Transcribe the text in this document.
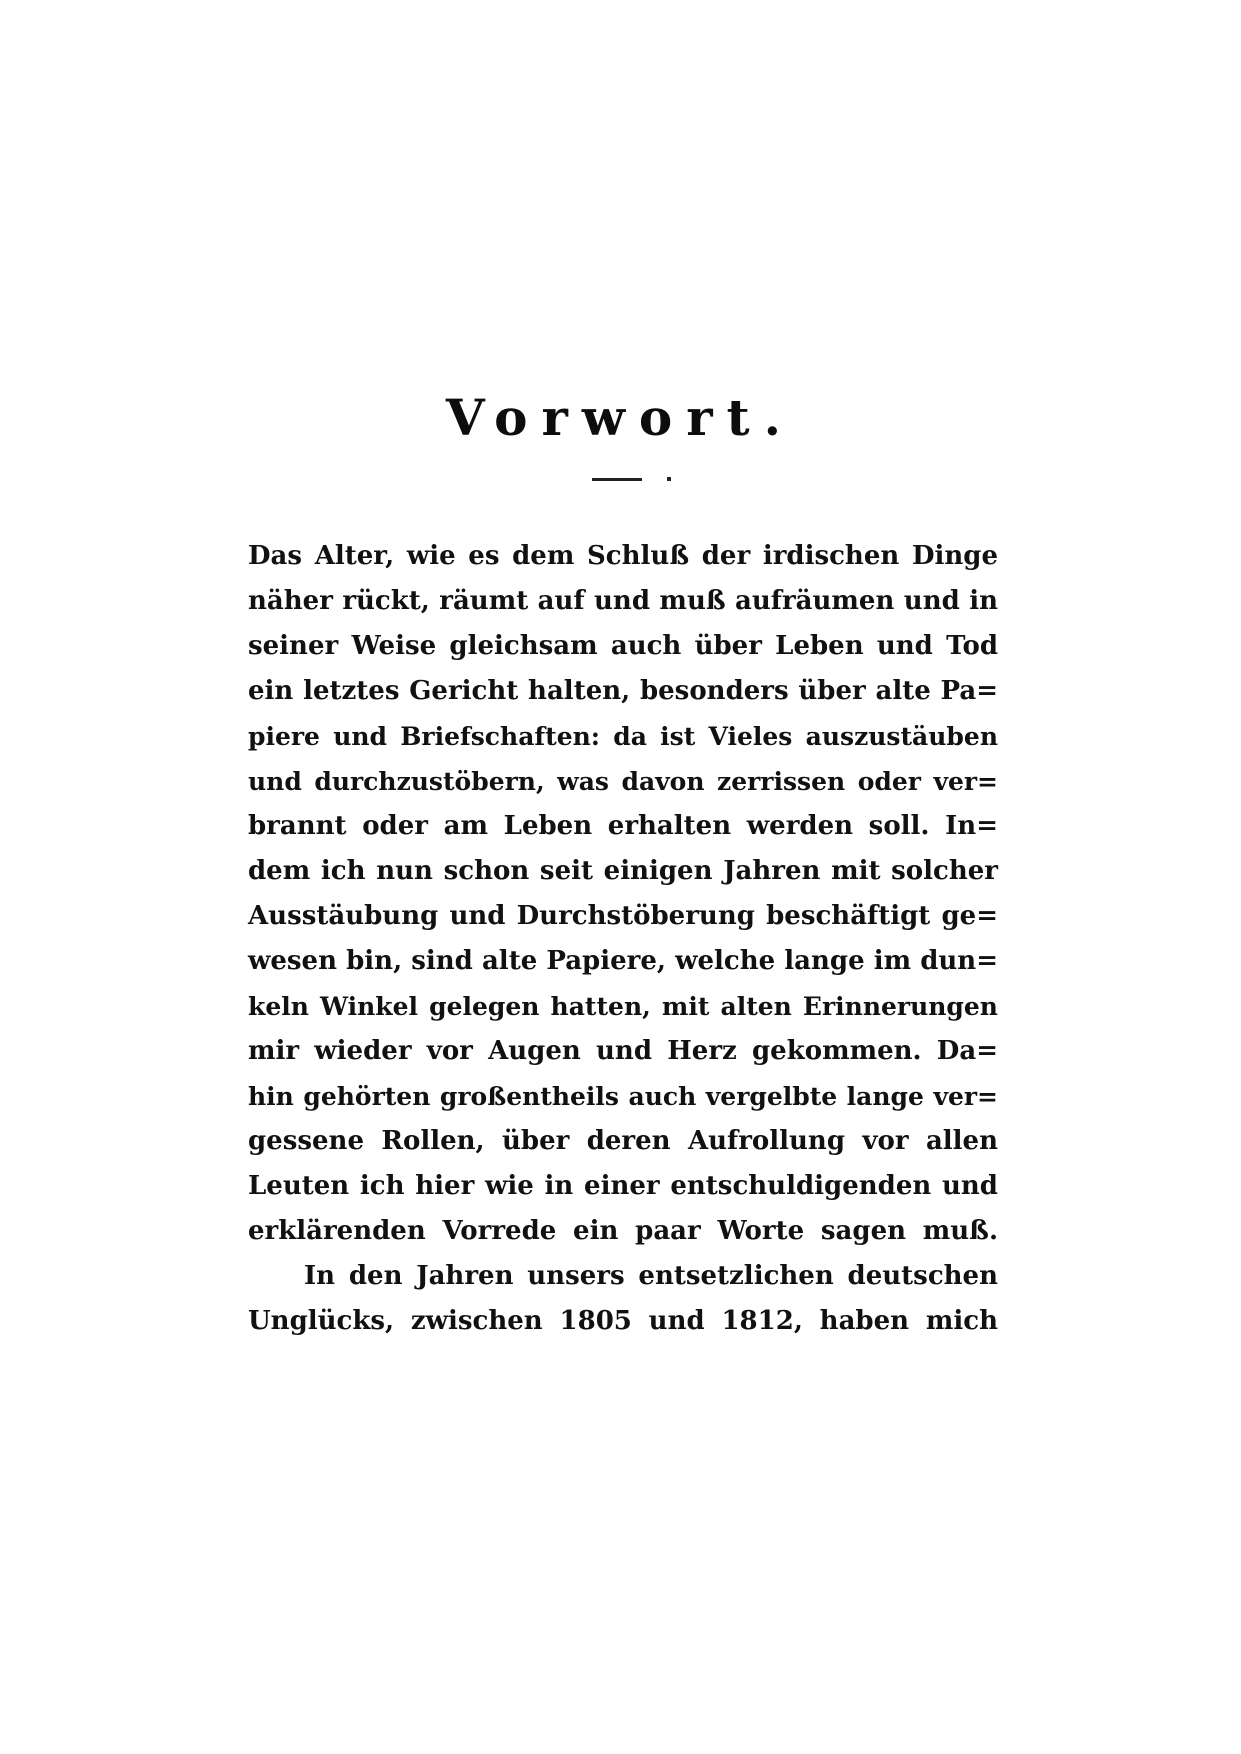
Vorwort.
Das Alter, wie es dem Schluß der irdischen Dinge
näher rückt, räumt auf und muß aufräumen und in
seiner Weise gleichsam auch über Leben und Tod
ein letztes Gericht halten, besonders über alte Pa=
piere und Briefschaften: da ist Vieles auszustäuben
und durchzustöbern, was davon zerrissen oder ver=
brannt oder am Leben erhalten werden soll. In=
dem ich nun schon seit einigen Jahren mit solcher
Ausstäubung und Durchstöberung beschäftigt ge=
wesen bin, sind alte Papiere, welche lange im dun=
keln Winkel gelegen hatten, mit alten Erinnerungen
mir wieder vor Augen und Herz gekommen. Da=
hin gehörten großentheils auch vergelbte lange ver=
gessene Rollen, über deren Aufrollung vor allen
Leuten ich hier wie in einer entschuldigenden und
erklärenden Vorrede ein paar Worte sagen muß.
In den Jahren unsers entsetzlichen deutschen
Unglücks, zwischen 1805 und 1812, haben mich
